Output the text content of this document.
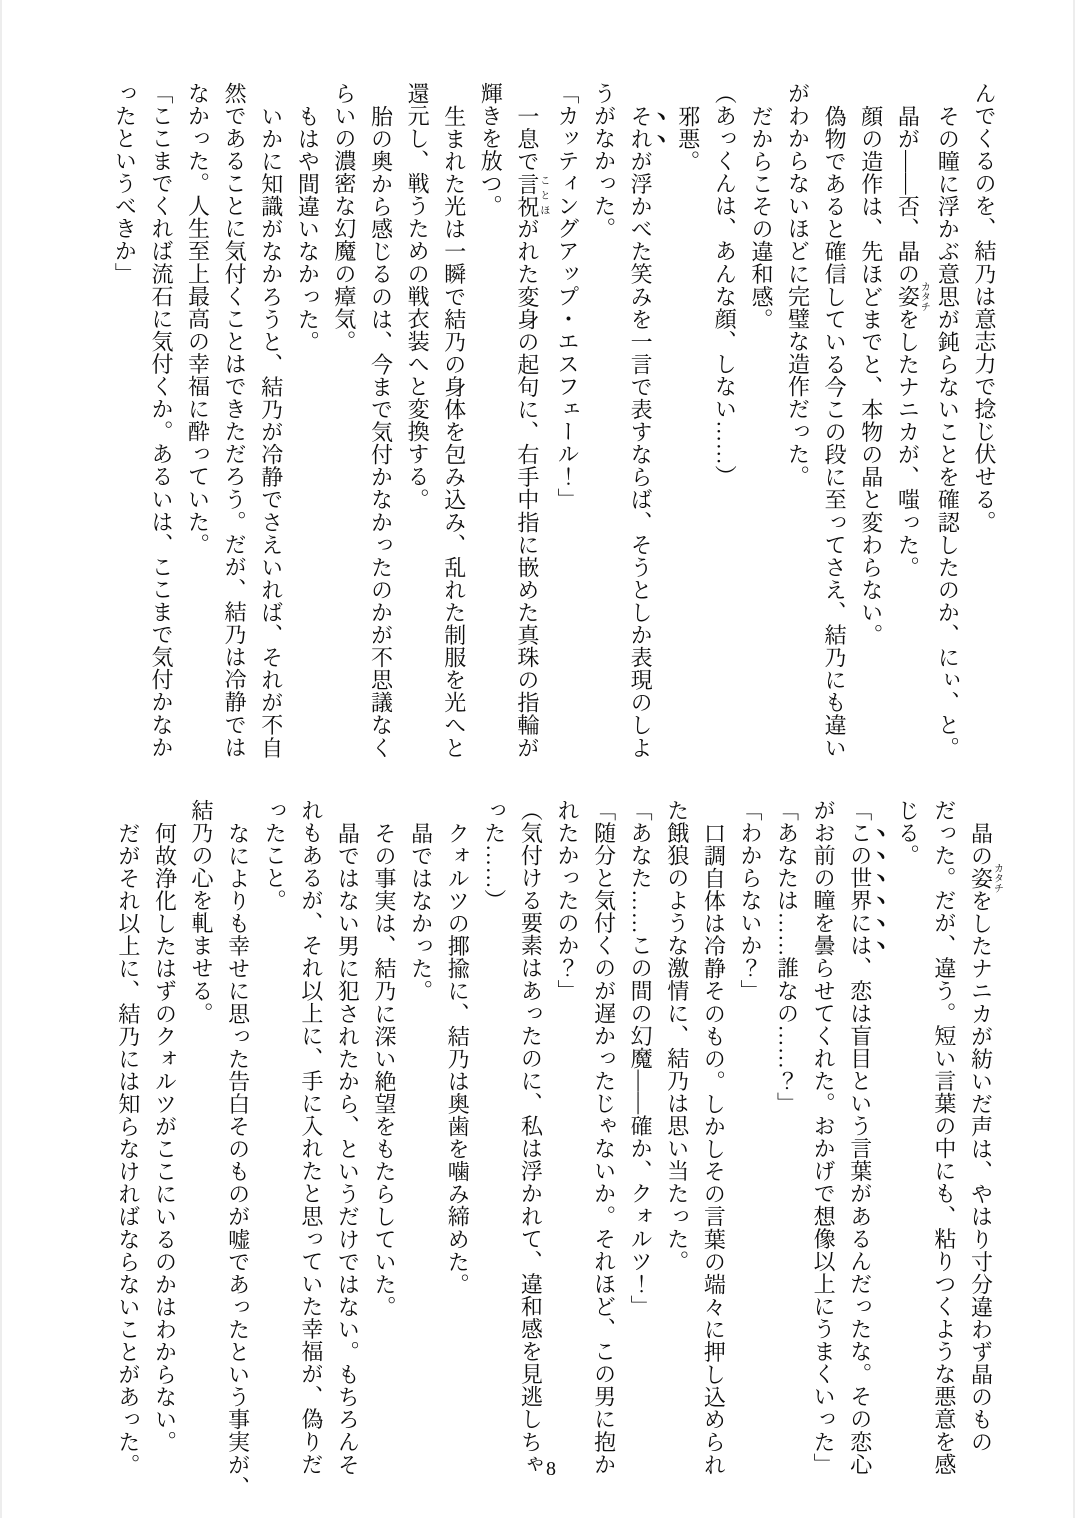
んでくるのを、結乃は意志力で捻じ伏せる。
その瞳に浮かぶ意思が鈍らないことを確認したのか、にぃ、と。
晶が——否、晶の姿カタチをしたナニカが、嗤った。
顔の造作は、先ほどまでと、本物の晶と変わらない。
偽物であると確信している今この段に至ってさえ、結乃にも違い
がわからないほどに完璧な造作だった。
だからこその違和感。
（あっくんは、あんな顔、しない……）
邪悪。
それが浮かべた笑みを一言で表すならば、そうとしか表現のしよ
うがなかった。
「カッティングアップ・エスフェール！」
一息で言祝ことほがれた変身の起句に、右手中指に嵌めた真珠の指輪が
輝きを放つ。
生まれた光は一瞬で結乃の身体を包み込み、乱れた制服を光へと
還元し、戦うための戦衣装へと変換する。
胎の奥から感じるのは、今まで気付かなかったのかが不思議なく
らいの濃密な幻魔の瘴気。
もはや間違いなかった。
いかに知識がなかろうと、結乃が冷静でさえいれば、それが不自
然であることに気付くことはできただろう。だが、結乃は冷静では
なかった。人生至上最高の幸福に酔っていた。
「ここまでくれば流石に気付くか。あるいは、ここまで気付かなか
ったというべきか」
晶の姿カタチをしたナニカが紡いだ声は、やはり寸分違わず晶のもの
だった。だが、違う。短い言葉の中にも、粘りつくような悪意を感
じる。
「この世界には、恋は盲目という言葉があるんだったな。その恋心
がお前の瞳を曇らせてくれた。おかげで想像以上にうまくいった」
「あなたは……誰なの……？」
「わからないか？」
口調自体は冷静そのもの。しかしその言葉の端々に押し込められ
た餓狼のような激情に、結乃は思い当たった。
「あなた……この間の幻魔——確か、クォルツ！」
「随分と気付くのが遅かったじゃないか。それほど、この男に抱か
れたかったのか？」
（気付ける要素はあったのに、私は浮かれて、違和感を見逃しちゃ
った……）
クォルツの揶揄に、結乃は奥歯を噛み締めた。
晶ではなかった。
その事実は、結乃に深い絶望をもたらしていた。
晶ではない男に犯されたから、というだけではない。もちろんそ
れもあるが、それ以上に、手に入れたと思っていた幸福が、偽りだ
ったこと。
なによりも幸せに思った告白そのものが嘘であったという事実が、
結乃の心を軋ませる。
何故浄化したはずのクォルツがここにいるのかはわからない。
だがそれ以上に、結乃には知らなければならないことがあった。	8
